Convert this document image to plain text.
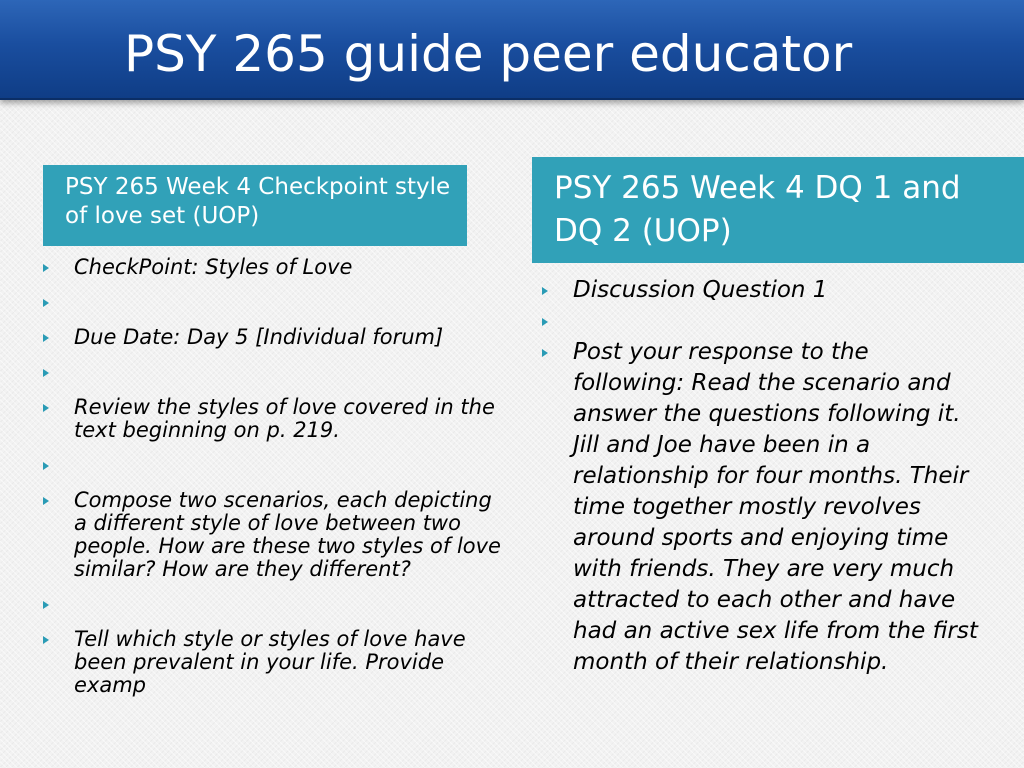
PSY 265 guide peer educator
PSY 265 Week 4 Checkpoint style of love set (UOP)
PSY 265 Week 4 DQ 1 and DQ 2 (UOP)
CheckPoint: Styles of Love
Due Date: Day 5 [Individual forum]
Review the styles of love covered in the text beginning on p. 219.
Compose two scenarios, each depicting a different style of love between two people. How are these two styles of love similar? How are they different?
Tell which style or styles of love have been prevalent in your life. Provide examp
Discussion Question 1
Post your response to the following: Read the scenario and answer the questions following it. Jill and Joe have been in a relationship for four months. Their time together mostly revolves around sports and enjoying time with friends. They are very much attracted to each other and have had an active sex life from the first month of their relationship.
